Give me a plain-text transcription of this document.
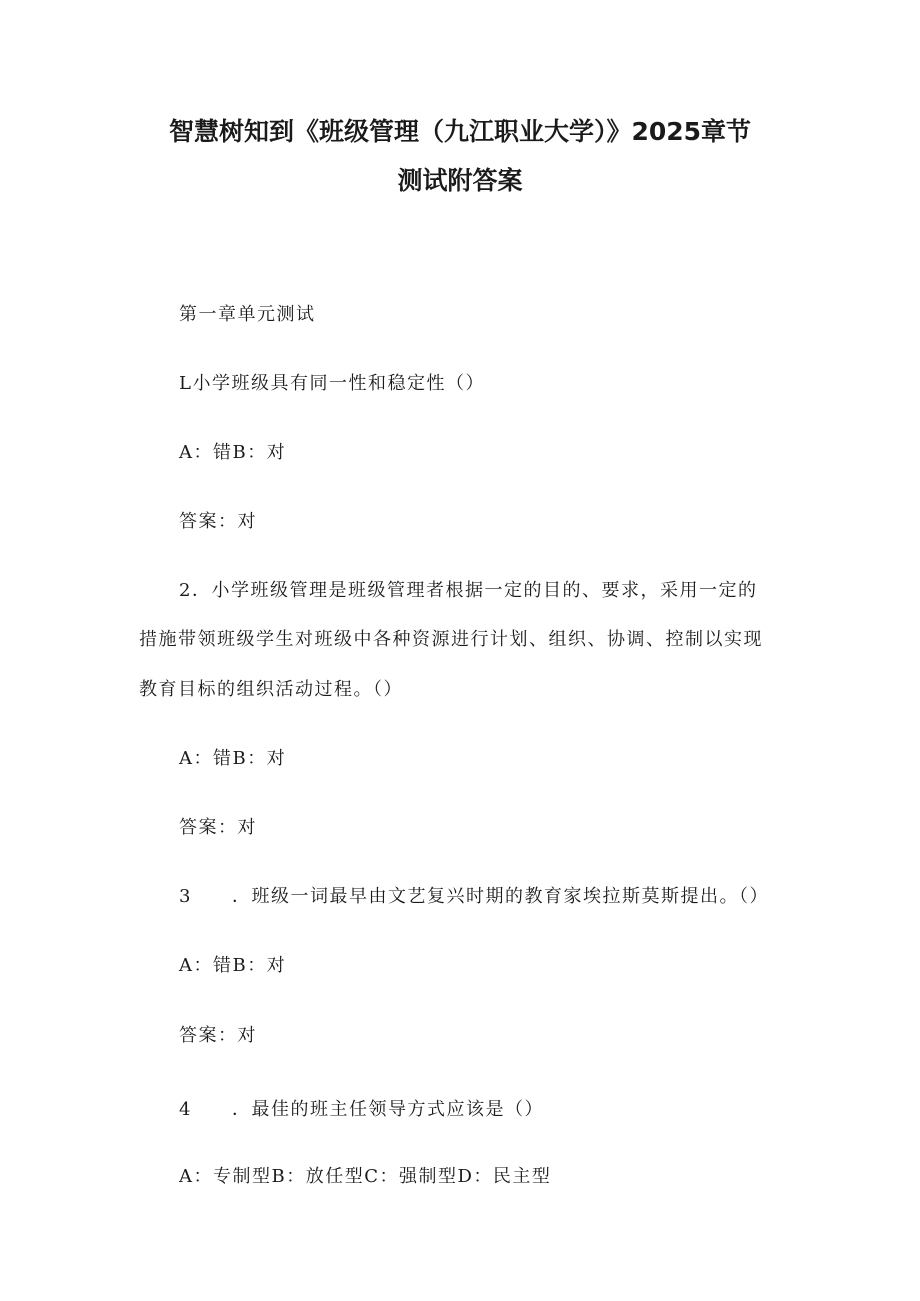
智慧树知到《班级管理（九江职业大学）》2025章节
测试附答案
第一章单元测试
L小学班级具有同一性和稳定性（）
A：错B：对
答案：对
2．小学班级管理是班级管理者根据一定的目的、要求，采用一定的
措施带领班级学生对班级中各种资源进行计划、组织、协调、控制以实现
教育目标的组织活动过程。（）
A：错B：对
答案：对
3 ．班级一词最早由文艺复兴时期的教育家埃拉斯莫斯提出。（）
A：错B：对
答案：对
4 ．最佳的班主任领导方式应该是（）
A：专制型B：放任型C：强制型D：民主型
